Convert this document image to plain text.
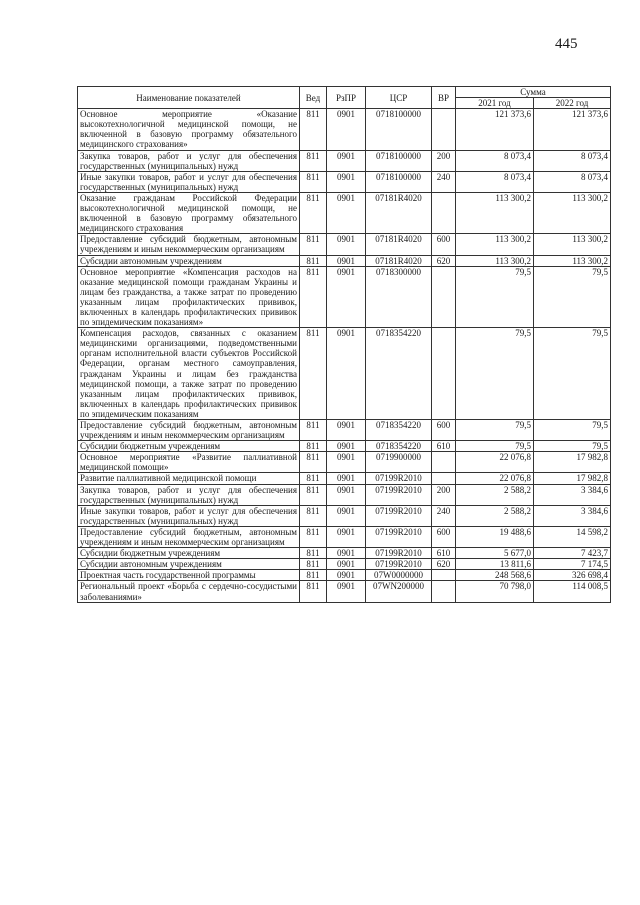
445
Наименование показателей	Вед	РзПР	ЦСР	ВР	Сумма	
					2021 год	2022 год
Основное мероприятие «Оказание высокотехнологичной медицинской помощи, не включенной в базовую программу обязательного медицинского страхования»	811	0901	0718100000		121 373,6	121 373,6
Закупка товаров, работ и услуг для обеспечения государственных (муниципальных) нужд	811	0901	0718100000	200	8 073,4	8 073,4
Иные закупки товаров, работ и услуг для обеспечения государственных (муниципальных) нужд	811	0901	0718100000	240	8 073,4	8 073,4
Оказание гражданам Российской Федерации высокотехнологичной медицинской помощи, не включенной в базовую программу обязательного медицинского страхования	811	0901	07181R4020		113 300,2	113 300,2
Предоставление субсидий бюджетным, автономным учреждениям и иным некоммерческим организациям	811	0901	07181R4020	600	113 300,2	113 300,2
Субсидии автономным учреждениям	811	0901	07181R4020	620	113 300,2	113 300,2
Основное мероприятие «Компенсация расходов на оказание медицинской помощи гражданам Украины и лицам без гражданства, а также затрат по проведению указанным лицам профилактических прививок, включенных в календарь профилактических прививок по эпидемическим показаниям»	811	0901	0718300000		79,5	79,5
Компенсация расходов, связанных с оказанием медицинскими организациями, подведомственными органам исполнительной власти субъектов Российской Федерации, органам местного самоуправления, гражданам Украины и лицам без гражданства медицинской помощи, а также затрат по проведению указанным лицам профилактических прививок, включенных в календарь профилактических прививок по эпидемическим показаниям	811	0901	0718354220		79,5	79,5
Предоставление субсидий бюджетным, автономным учреждениям и иным некоммерческим организациям	811	0901	0718354220	600	79,5	79,5
Субсидии бюджетным учреждениям	811	0901	0718354220	610	79,5	79,5
Основное мероприятие «Развитие паллиативной медицинской помощи»	811	0901	0719900000		22 076,8	17 982,8
Развитие паллиативной медицинской помощи	811	0901	07199R2010		22 076,8	17 982,8
Закупка товаров, работ и услуг для обеспечения государственных (муниципальных) нужд	811	0901	07199R2010	200	2 588,2	3 384,6
Иные закупки товаров, работ и услуг для обеспечения государственных (муниципальных) нужд	811	0901	07199R2010	240	2 588,2	3 384,6
Предоставление субсидий бюджетным, автономным учреждениям и иным некоммерческим организациям	811	0901	07199R2010	600	19 488,6	14 598,2
Субсидии бюджетным учреждениям	811	0901	07199R2010	610	5 677,0	7 423,7
Субсидии автономным учреждениям	811	0901	07199R2010	620	13 811,6	7 174,5
Проектная часть государственной программы	811	0901	07W0000000		248 568,6	326 698,4
Региональный проект «Борьба с сердечно-сосудистыми заболеваниями»	811	0901	07WN200000		70 798,0	114 008,5
